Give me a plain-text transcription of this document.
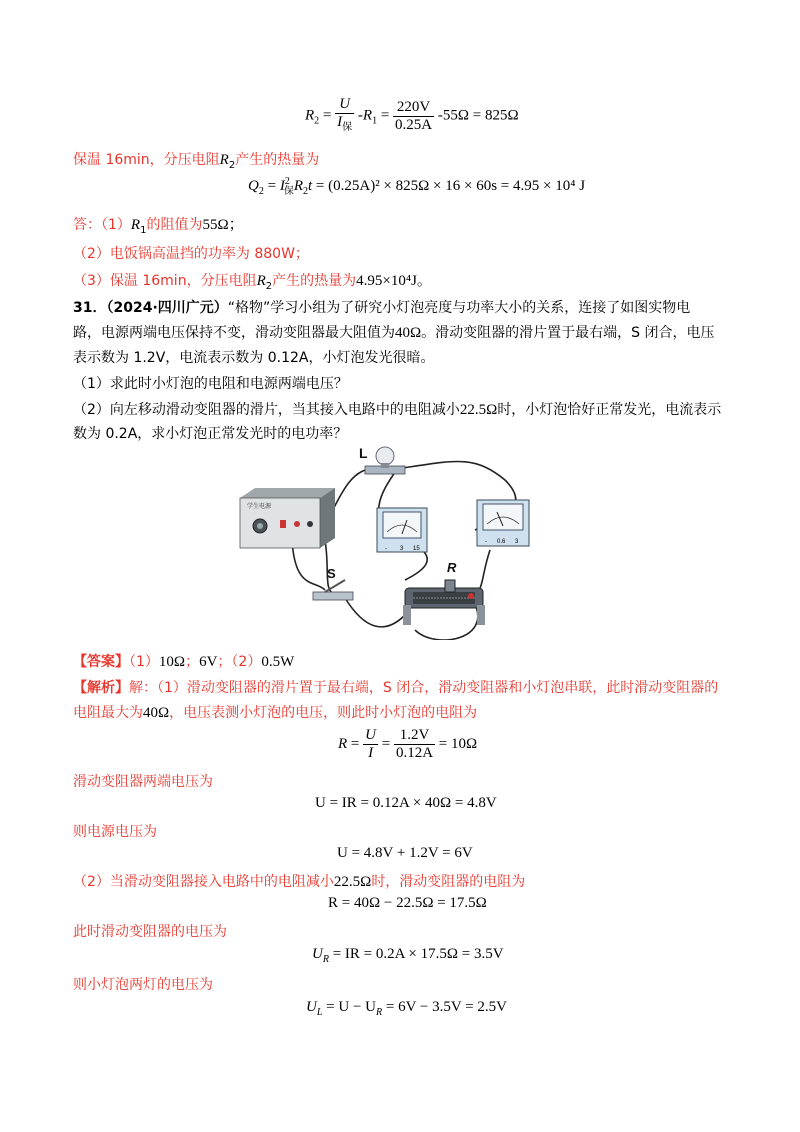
$R_2 = \frac{U}{I_保} -R_1 = \frac{220V}{0.25A} -55\Omega = 825\Omega$
保温 16min，分压电阻$R_2$产生的热量为
$Q_2 = I^2_保R_2t = (0.25A)^2 \times 825\Omega \times 16 \times 60s = 4.95 \times 10^4$ J
答：$(1)R_1$的阻值为55Ω；
（2）电饭锅高温挡的功率为 880W；
（3）保温 16min，分压电阻$R_2$产生的热量为4.95×10⁴J。
31．（2024·四川广元）“格物”学习小组为了研究小灯泡亮度与功率大小的关系，连接了如图实物电
路，电源两端电压保持不变，滑动变阻器最大阻值为40Ω。滑动变阻器的滑片置于最右端，S 闭合，电压
表示数为 1.2V，电流表示数为 0.12A，小灯泡发光很暗。
（1）求此时小灯泡的电阻和电源两端电压？
（2）向左移动滑动变阻器的滑片，当其接入电路中的电阻减小22.5Ω时，小灯泡恰好正常发光，电流表示
数为 0.2A，求小灯泡正常发光时的电功率？
学生电源
L
- 3 15
- 0.6 3
S	R
【答案】（1）10Ω；6V；（2）0.5W
【解析】解：（1）滑动变阻器的滑片置于最右端，S 闭合，滑动变阻器和小灯泡串联，此时滑动变阻器的
电阻最大为40Ω，电压表测小灯泡的电压，则此时小灯泡的电阻为
$R = \frac{U}{I} = \frac{1.2V}{0.12A} = 10\Omega$
滑动变阻器两端电压为
U = IR = 0.12A × 40Ω = 4.8V
则电源电压为
U = 4.8V + 1.2V = 6V
（2）当滑动变阻器接入电路中的电阻减小22.5Ω时，滑动变阻器的电阻为
R = 40Ω − 22.5Ω = 17.5Ω
此时滑动变阻器的电压为
$U_R$ = IR = 0.2A × 17.5Ω = 3.5V
则小灯泡两灯的电压为
$U_L = U - U_R = 6V - 3.5V = 2.5V$
